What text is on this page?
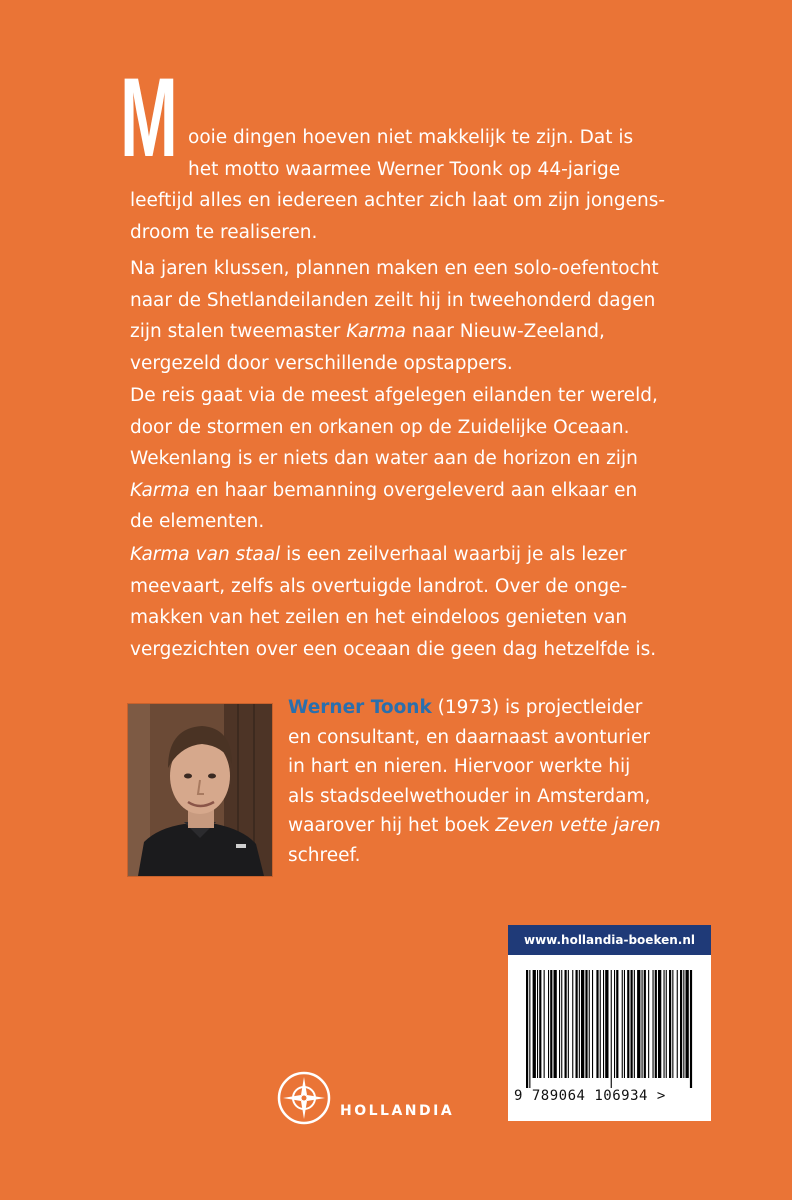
M ooie dingen hoeven niet makkelijk te zijn. Dat is
het motto waarmee Werner Toonk op 44-jarige
leeftijd alles en iedereen achter zich laat om zijn jongens-
droom te realiseren.

Na jaren klussen, plannen maken en een solo-oefentocht
naar de Shetlandeilanden zeilt hij in tweehonderd dagen
zijn stalen tweemaster Karma naar Nieuw-Zeeland,
vergezeld door verschillende opstappers.

De reis gaat via de meest afgelegen eilanden ter wereld,
door de stormen en orkanen op de Zuidelijke Oceaan.
Wekenlang is er niets dan water aan de horizon en zijn
Karma en haar bemanning overgeleverd aan elkaar en
de elementen.

Karma van staal is een zeilverhaal waarbij je als lezer
meevaart, zelfs als overtuigde landrot. Over de onge-
makken van het zeilen en het eindeloos genieten van
vergezichten over een oceaan die geen dag hetzelfde is.

Werner Toonk (1973) is projectleider
en consultant, en daarnaast avonturier
in hart en nieren. Hiervoor werkte hij
als stadsdeelwethouder in Amsterdam,
waarover hij het boek Zeven vette jaren
schreef.

HOLLANDIA
www.hollandia-boeken.nl
9 789064 106934 >
